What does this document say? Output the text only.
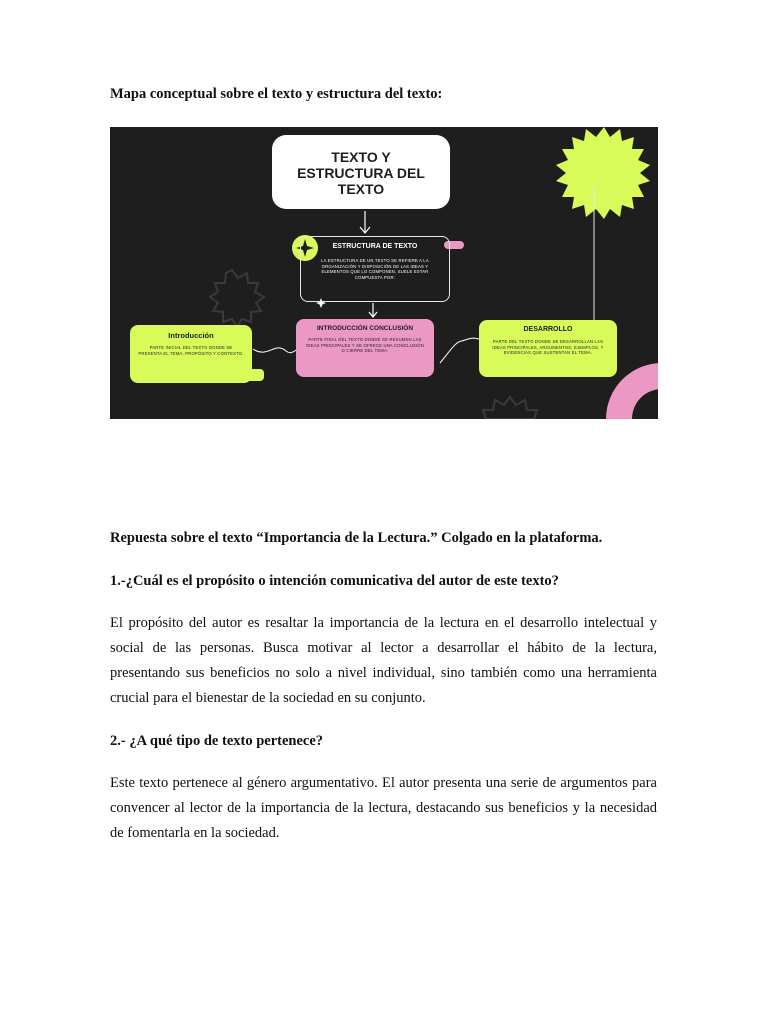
Mapa conceptual sobre el texto y estructura del texto:

TEXTO Y ESTRUCTURA DEL TEXTO
ESTRUCTURA DE TEXTO
LA ESTRUCTURA DE UN TEXTO SE REFIERE A LA ORGANIZACIÓN Y DISPOSICIÓN DE LAS IDEAS Y ELEMENTOS QUE LO COMPONEN, SUELE ESTAR COMPUESTA POR:
Introducción
PARTE INICIAL DEL TEXTO DONDE SE PRESENTA EL TEMA, PROPÓSITO Y CONTEXTO.
INTRODUCCIÓN CONCLUSIÓN
PARTE FINAL DEL TEXTO DONDE SE RESUMEN LAS IDEAS PRINCIPALES Y SE OFRECE UNA CONCLUSIÓN O CIERRE DEL TEMA.
DESARROLLO
PARTE DEL TEXTO DONDE SE DESARROLLAN LAS IDEAS PRINCIPALES, ARGUMENTOS, EJEMPLOS, Y EVIDENCIAS QUE SUSTENTAN EL TEMA.

Repuesta sobre el texto “Importancia de la Lectura.” Colgado en la plataforma.

1.-¿Cuál es el propósito o intención comunicativa del autor de este texto?

El propósito del autor es resaltar la importancia de la lectura en el desarrollo intelectual y social de las personas. Busca motivar al lector a desarrollar el hábito de la lectura, presentando sus beneficios no solo a nivel individual, sino también como una herramienta crucial para el bienestar de la sociedad en su conjunto.

2.- ¿A qué tipo de texto pertenece?

Este texto pertenece al género argumentativo. El autor presenta una serie de argumentos para convencer al lector de la importancia de la lectura, destacando sus beneficios y la necesidad de fomentarla en la sociedad.
